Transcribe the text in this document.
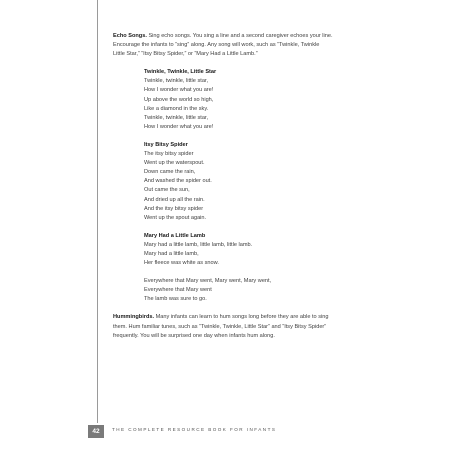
Echo Songs. Sing echo songs. You sing a line and a second caregiver echoes your line.
Encourage the infants to “sing” along. Any song will work, such as “Twinkle, Twinkle
Little Star,” “Itsy Bitsy Spider,” or “Mary Had a Little Lamb.”
Twinkle, Twinkle, Little Star
Twinkle, twinkle, little star,
How I wonder what you are!
Up above the world so high,
Like a diamond in the sky.
Twinkle, twinkle, little star,
How I wonder what you are!
Itsy Bitsy Spider
The itsy bitsy spider
Went up the waterspout.
Down came the rain,
And washed the spider out.
Out came the sun,
And dried up all the rain.
And the itsy bitsy spider
Went up the spout again.
Mary Had a Little Lamb
Mary had a little lamb, little lamb, little lamb.
Mary had a little lamb,
Her fleece was white as snow.
Everywhere that Mary went, Mary went, Mary went,
Everywhere that Mary went
The lamb was sure to go.
Hummingbirds. Many infants can learn to hum songs long before they are able to sing
them. Hum familiar tunes, such as “Twinkle, Twinkle, Little Star” and “Itsy Bitsy Spider”
frequently. You will be surprised one day when infants hum along.
42	THE COMPLETE RESOURCE BOOK FOR INFANTS
